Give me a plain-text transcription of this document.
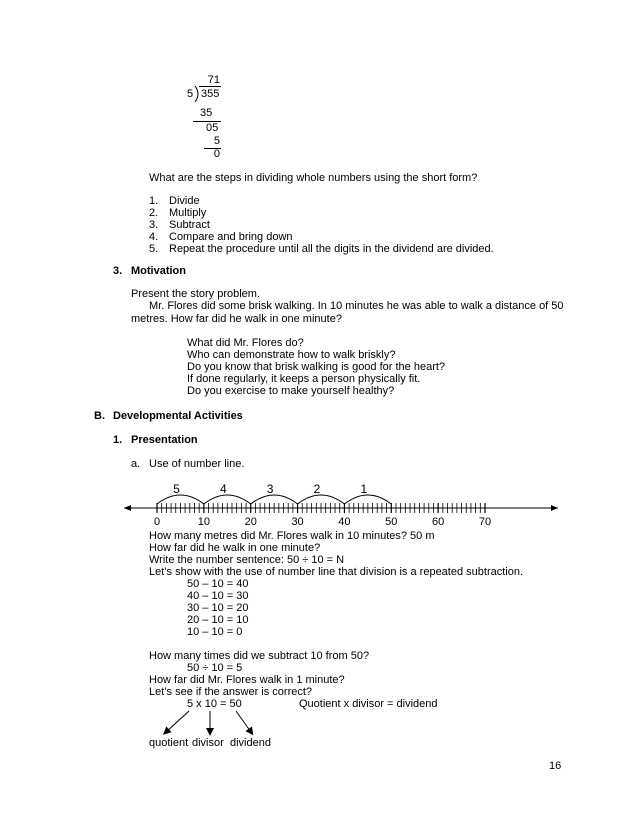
71
5 355
35
05
5
0
What are the steps in dividing whole numbers using the short form?
1. Divide
2. Multiply
3. Subtract
4. Compare and bring down
5. Repeat the procedure until all the digits in the dividend are divided.
3. Motivation
Present the story problem.
Mr. Flores did some brisk walking. In 10 minutes he was able to walk a distance of 50
metres. How far did he walk in one minute?
What did Mr. Flores do?
Who can demonstrate how to walk briskly?
Do you know that brisk walking is good for the heart?
If done regularly, it keeps a person physically fit.
Do you exercise to make yourself healthy?
B. Developmental Activities
1. Presentation
a. Use of number line.
0	10	20	30	40	50	60	70
5	4	3	2	1
How many metres did Mr. Flores walk in 10 minutes? 50 m
How far did he walk in one minute?
Write the number sentence: 50 ÷ 10 = N
Let’s show with the use of number line that division is a repeated subtraction.
50 – 10 = 40
40 – 10 = 30
30 – 10 = 20
20 – 10 = 10
10 – 10 = 0
How many times did we subtract 10 from 50?
50 ÷ 10 = 5
How far did Mr. Flores walk in 1 minute?
Let’s see if the answer is correct?
5 x 10 = 50	Quotient x divisor = dividend
quotient divisor dividend
16
